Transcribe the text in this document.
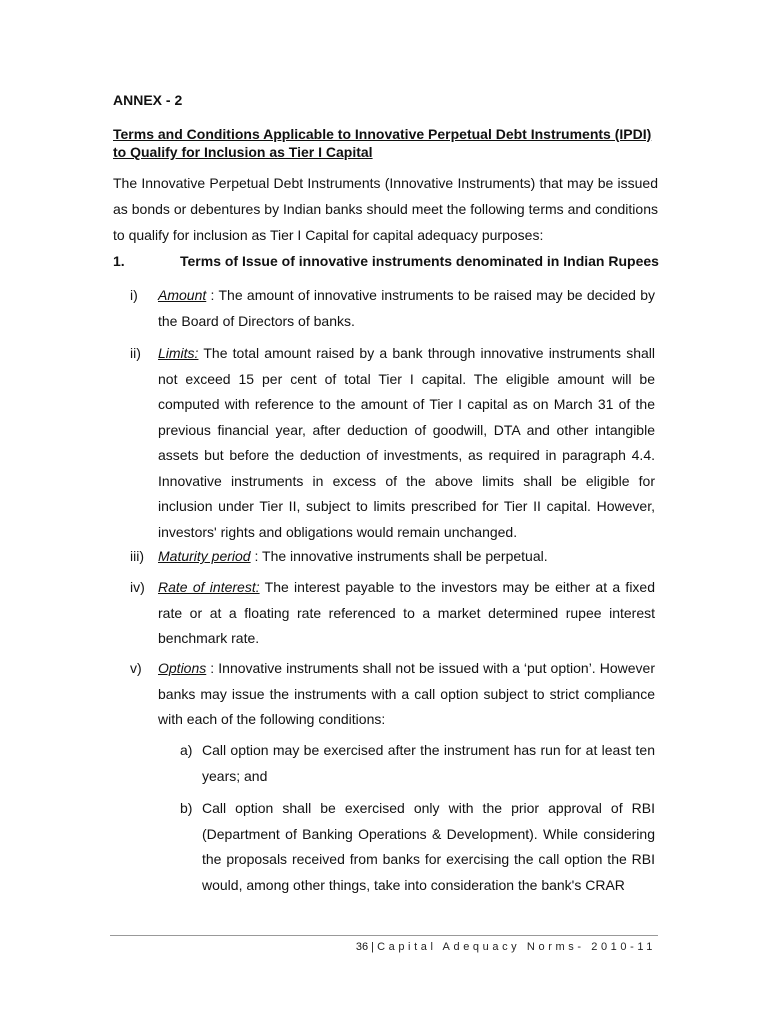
ANNEX - 2
Terms and Conditions Applicable to Innovative Perpetual Debt Instruments (IPDI) to Qualify for Inclusion as Tier I Capital
The Innovative Perpetual Debt Instruments (Innovative Instruments) that may be issued as bonds or debentures by Indian banks should meet the following terms and conditions to qualify for inclusion as Tier I Capital for capital adequacy purposes:
1.	Terms of Issue of innovative instruments denominated in Indian Rupees
i) Amount : The amount of innovative instruments to be raised may be decided by the Board of Directors of banks.
ii) Limits: The total amount raised by a bank through innovative instruments shall not exceed 15 per cent of total Tier I capital. The eligible amount will be computed with reference to the amount of Tier I capital as on March 31 of the previous financial year, after deduction of goodwill, DTA and other intangible assets but before the deduction of investments, as required in paragraph 4.4. Innovative instruments in excess of the above limits shall be eligible for inclusion under Tier II, subject to limits prescribed for Tier II capital. However, investors' rights and obligations would remain unchanged.
iii) Maturity period : The innovative instruments shall be perpetual.
iv) Rate of interest: The interest payable to the investors may be either at a fixed rate or at a floating rate referenced to a market determined rupee interest benchmark rate.
v) Options : Innovative instruments shall not be issued with a ‘put option’. However banks may issue the instruments with a call option subject to strict compliance with each of the following conditions:
a) Call option may be exercised after the instrument has run for at least ten years; and
b) Call option shall be exercised only with the prior approval of RBI (Department of Banking Operations & Development). While considering the proposals received from banks for exercising the call option the RBI would, among other things, take into consideration the bank's CRAR
36 | Capital Adequacy Norms- 2010-11
